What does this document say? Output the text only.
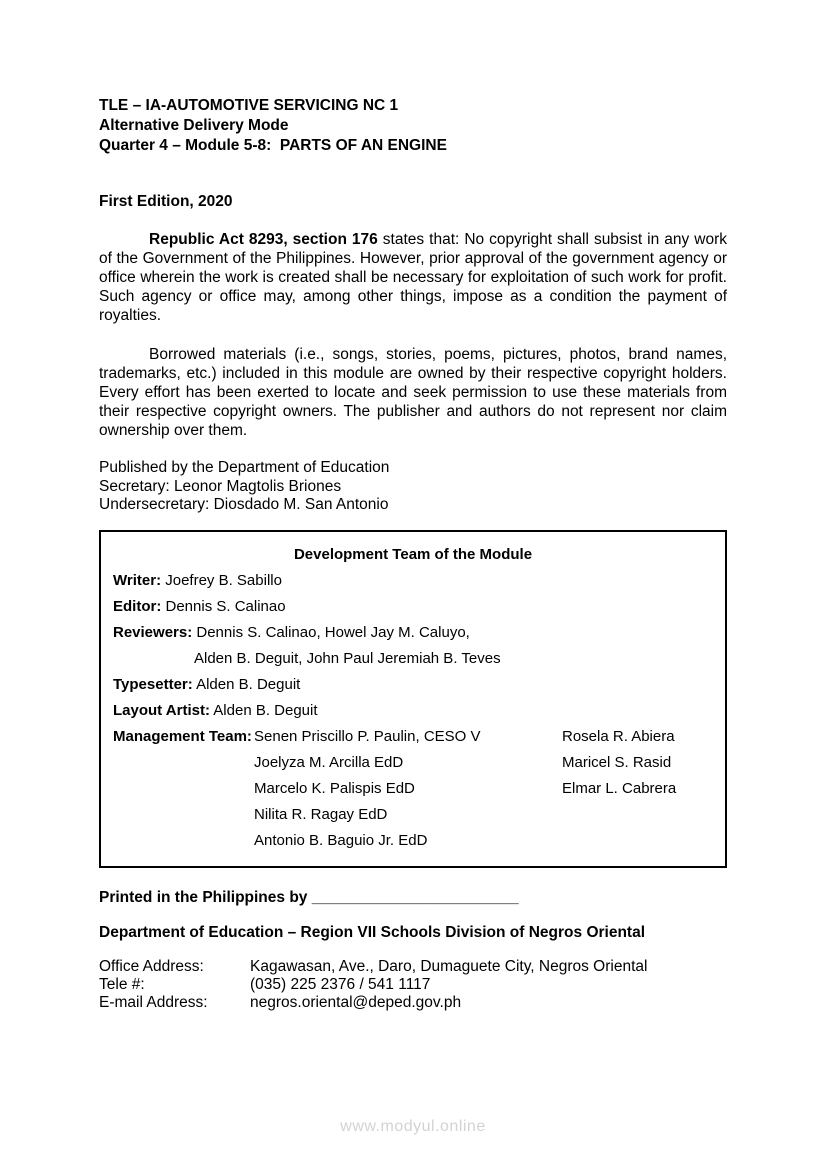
TLE – IA-AUTOMOTIVE SERVICING NC 1
Alternative Delivery Mode
Quarter 4 – Module 5-8:  PARTS OF AN ENGINE
First Edition, 2020

Republic Act 8293, section 176 states that: No copyright shall subsist in any work of the Government of the Philippines. However, prior approval of the government agency or office wherein the work is created shall be necessary for exploitation of such work for profit. Such agency or office may, among other things, impose as a condition the payment of royalties.

Borrowed materials (i.e., songs, stories, poems, pictures, photos, brand names, trademarks, etc.) included in this module are owned by their respective copyright holders. Every effort has been exerted to locate and seek permission to use these materials from their respective copyright owners. The publisher and authors do not represent nor claim ownership over them.

Published by the Department of Education
Secretary: Leonor Magtolis Briones
Undersecretary: Diosdado M. San Antonio
Development Team of the Module
Writer: Joefrey B. Sabillo
Editor: Dennis S. Calinao
Reviewers: Dennis S. Calinao, Howel Jay M. Caluyo,
Alden B. Deguit, John Paul Jeremiah B. Teves
Typesetter: Alden B. Deguit
Layout Artist: Alden B. Deguit
Management Team: Senen Priscillo P. Paulin, CESO V	Rosela R. Abiera
Joelyza M. Arcilla EdD	Maricel S. Rasid
Marcelo K. Palispis EdD	Elmar L. Cabrera
Nilita R. Ragay EdD
Antonio B. Baguio Jr. EdD
Printed in the Philippines by ________________________
Department of Education – Region VII Schools Division of Negros Oriental
Office Address:	Kagawasan, Ave., Daro, Dumaguete City, Negros Oriental
Tele #:	(035) 225 2376 / 541 1117
E-mail Address:	negros.oriental@deped.gov.ph
www.modyul.online
